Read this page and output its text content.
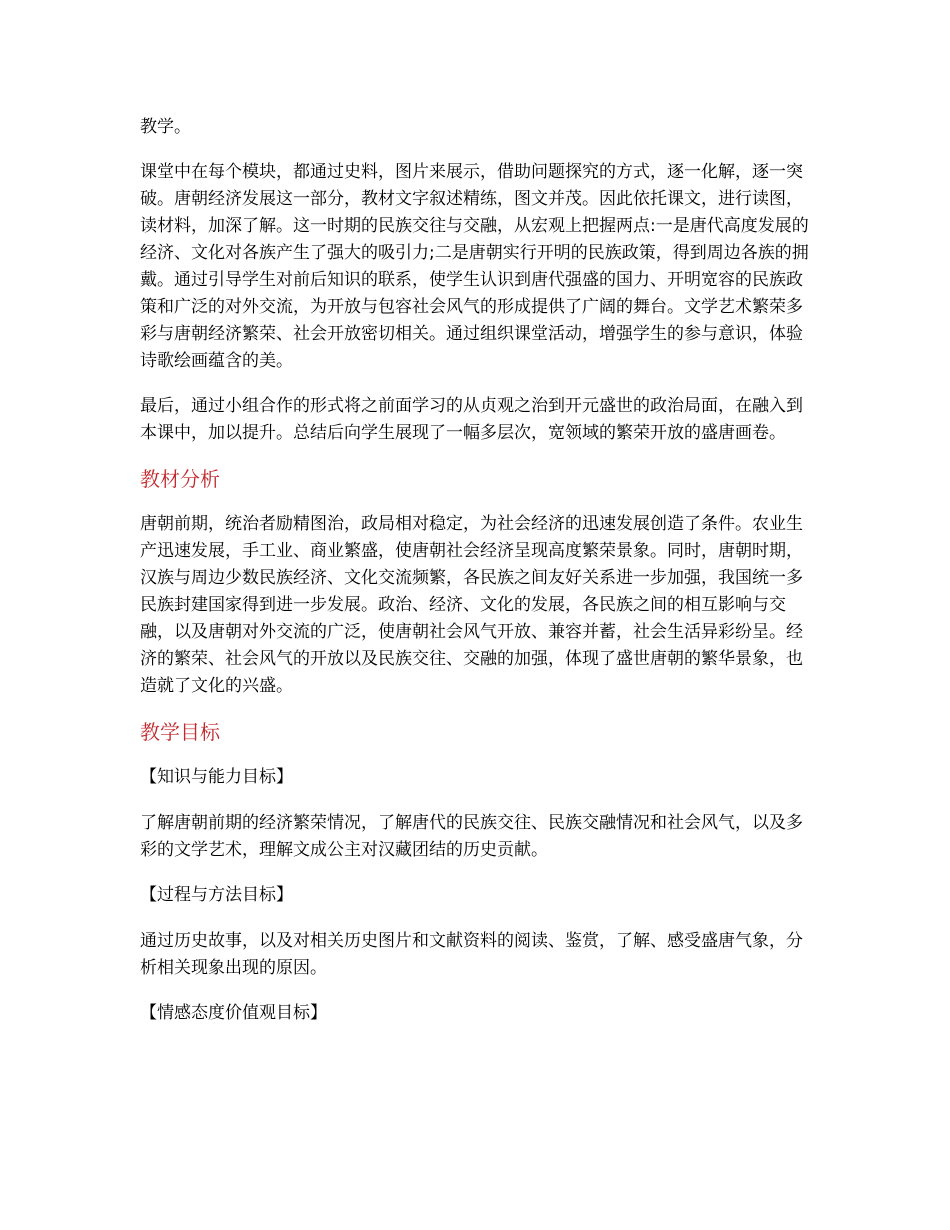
教学。

课堂中在每个模块，都通过史料，图片来展示，借助问题探究的方式，逐一化解，逐一突破。唐朝经济发展这一部分，教材文字叙述精练，图文并茂。因此依托课文，进行读图，读材料，加深了解。这一时期的民族交往与交融，从宏观上把握两点:一是唐代高度发展的经济、文化对各族产生了强大的吸引力;二是唐朝实行开明的民族政策，得到周边各族的拥戴。通过引导学生对前后知识的联系，使学生认识到唐代强盛的国力、开明宽容的民族政策和广泛的对外交流，为开放与包容社会风气的形成提供了广阔的舞台。文学艺术繁荣多彩与唐朝经济繁荣、社会开放密切相关。通过组织课堂活动，增强学生的参与意识，体验诗歌绘画蕴含的美。

最后，通过小组合作的形式将之前面学习的从贞观之治到开元盛世的政治局面，在融入到本课中，加以提升。总结后向学生展现了一幅多层次，宽领域的繁荣开放的盛唐画卷。

教材分析

唐朝前期，统治者励精图治，政局相对稳定，为社会经济的迅速发展创造了条件。农业生产迅速发展，手工业、商业繁盛，使唐朝社会经济呈现高度繁荣景象。同时，唐朝时期，汉族与周边少数民族经济、文化交流频繁，各民族之间友好关系进一步加强，我国统一多民族封建国家得到进一步发展。政治、经济、文化的发展，各民族之间的相互影响与交融，以及唐朝对外交流的广泛，使唐朝社会风气开放、兼容并蓄，社会生活异彩纷呈。经济的繁荣、社会风气的开放以及民族交往、交融的加强，体现了盛世唐朝的繁华景象，也造就了文化的兴盛。

教学目标

【知识与能力目标】

了解唐朝前期的经济繁荣情况，了解唐代的民族交往、民族交融情况和社会风气，以及多彩的文学艺术，理解文成公主对汉藏团结的历史贡献。

【过程与方法目标】

通过历史故事，以及对相关历史图片和文献资料的阅读、鉴赏，了解、感受盛唐气象，分析相关现象出现的原因。

【情感态度价值观目标】
